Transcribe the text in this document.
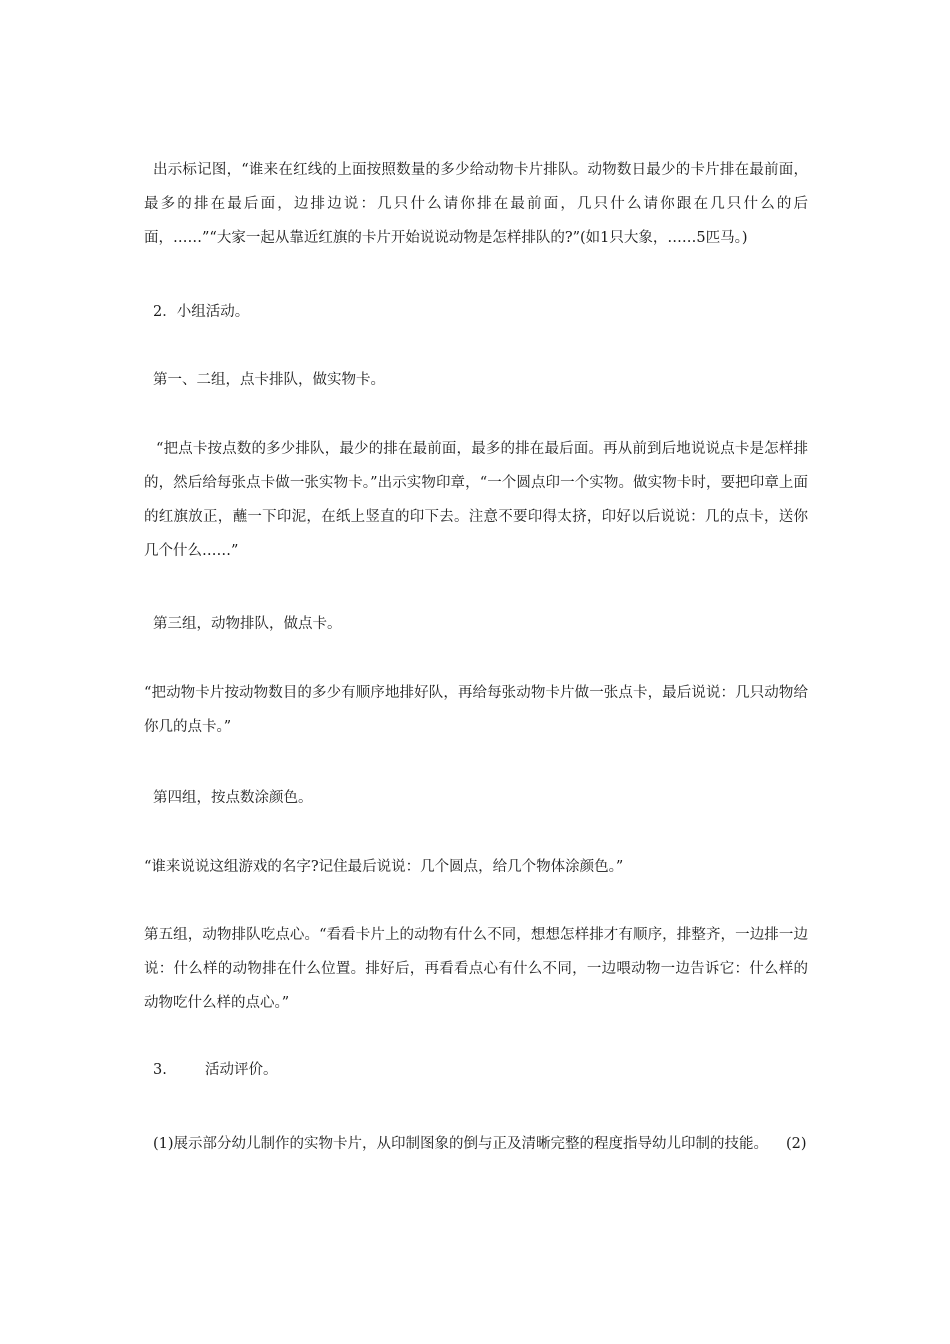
出示标记图，“谁来在红线的上面按照数量的多少给动物卡片排队。动物数日最少的卡片排在最前面，最多的排在最后面，边排边说：几只什么请你排在最前面，几只什么请你跟在几只什么的后面，……”“大家一起从靠近红旗的卡片开始说说动物是怎样排队的?”(如1只大象，……5匹马。)

2．小组活动。

第一、二组，点卡排队，做实物卡。

“把点卡按点数的多少排队，最少的排在最前面，最多的排在最后面。再从前到后地说说点卡是怎样排的，然后给每张点卡做一张实物卡。”出示实物印章，“一个圆点印一个实物。做实物卡时，要把印章上面的红旗放正，蘸一下印泥，在纸上竖直的印下去。注意不要印得太挤，印好以后说说：几的点卡，送你几个什么……”

第三组，动物排队，做点卡。

“把动物卡片按动物数目的多少有顺序地排好队，再给每张动物卡片做一张点卡，最后说说：几只动物给你几的点卡。”

第四组，按点数涂颜色。

“谁来说说这组游戏的名字?记住最后说说：几个圆点，给几个物体涂颜色。”

第五组，动物排队吃点心。“看看卡片上的动物有什么不同，想想怎样排才有顺序，排整齐，一边排一边说：什么样的动物排在什么位置。排好后，再看看点心有什么不同，一边喂动物一边告诉它：什么样的动物吃什么样的点心。”

3.	活动评价。
(1)展示部分幼儿制作的实物卡片，从印制图象的倒与正及清晰完整的程度指导幼儿印制的技能。 (2)
